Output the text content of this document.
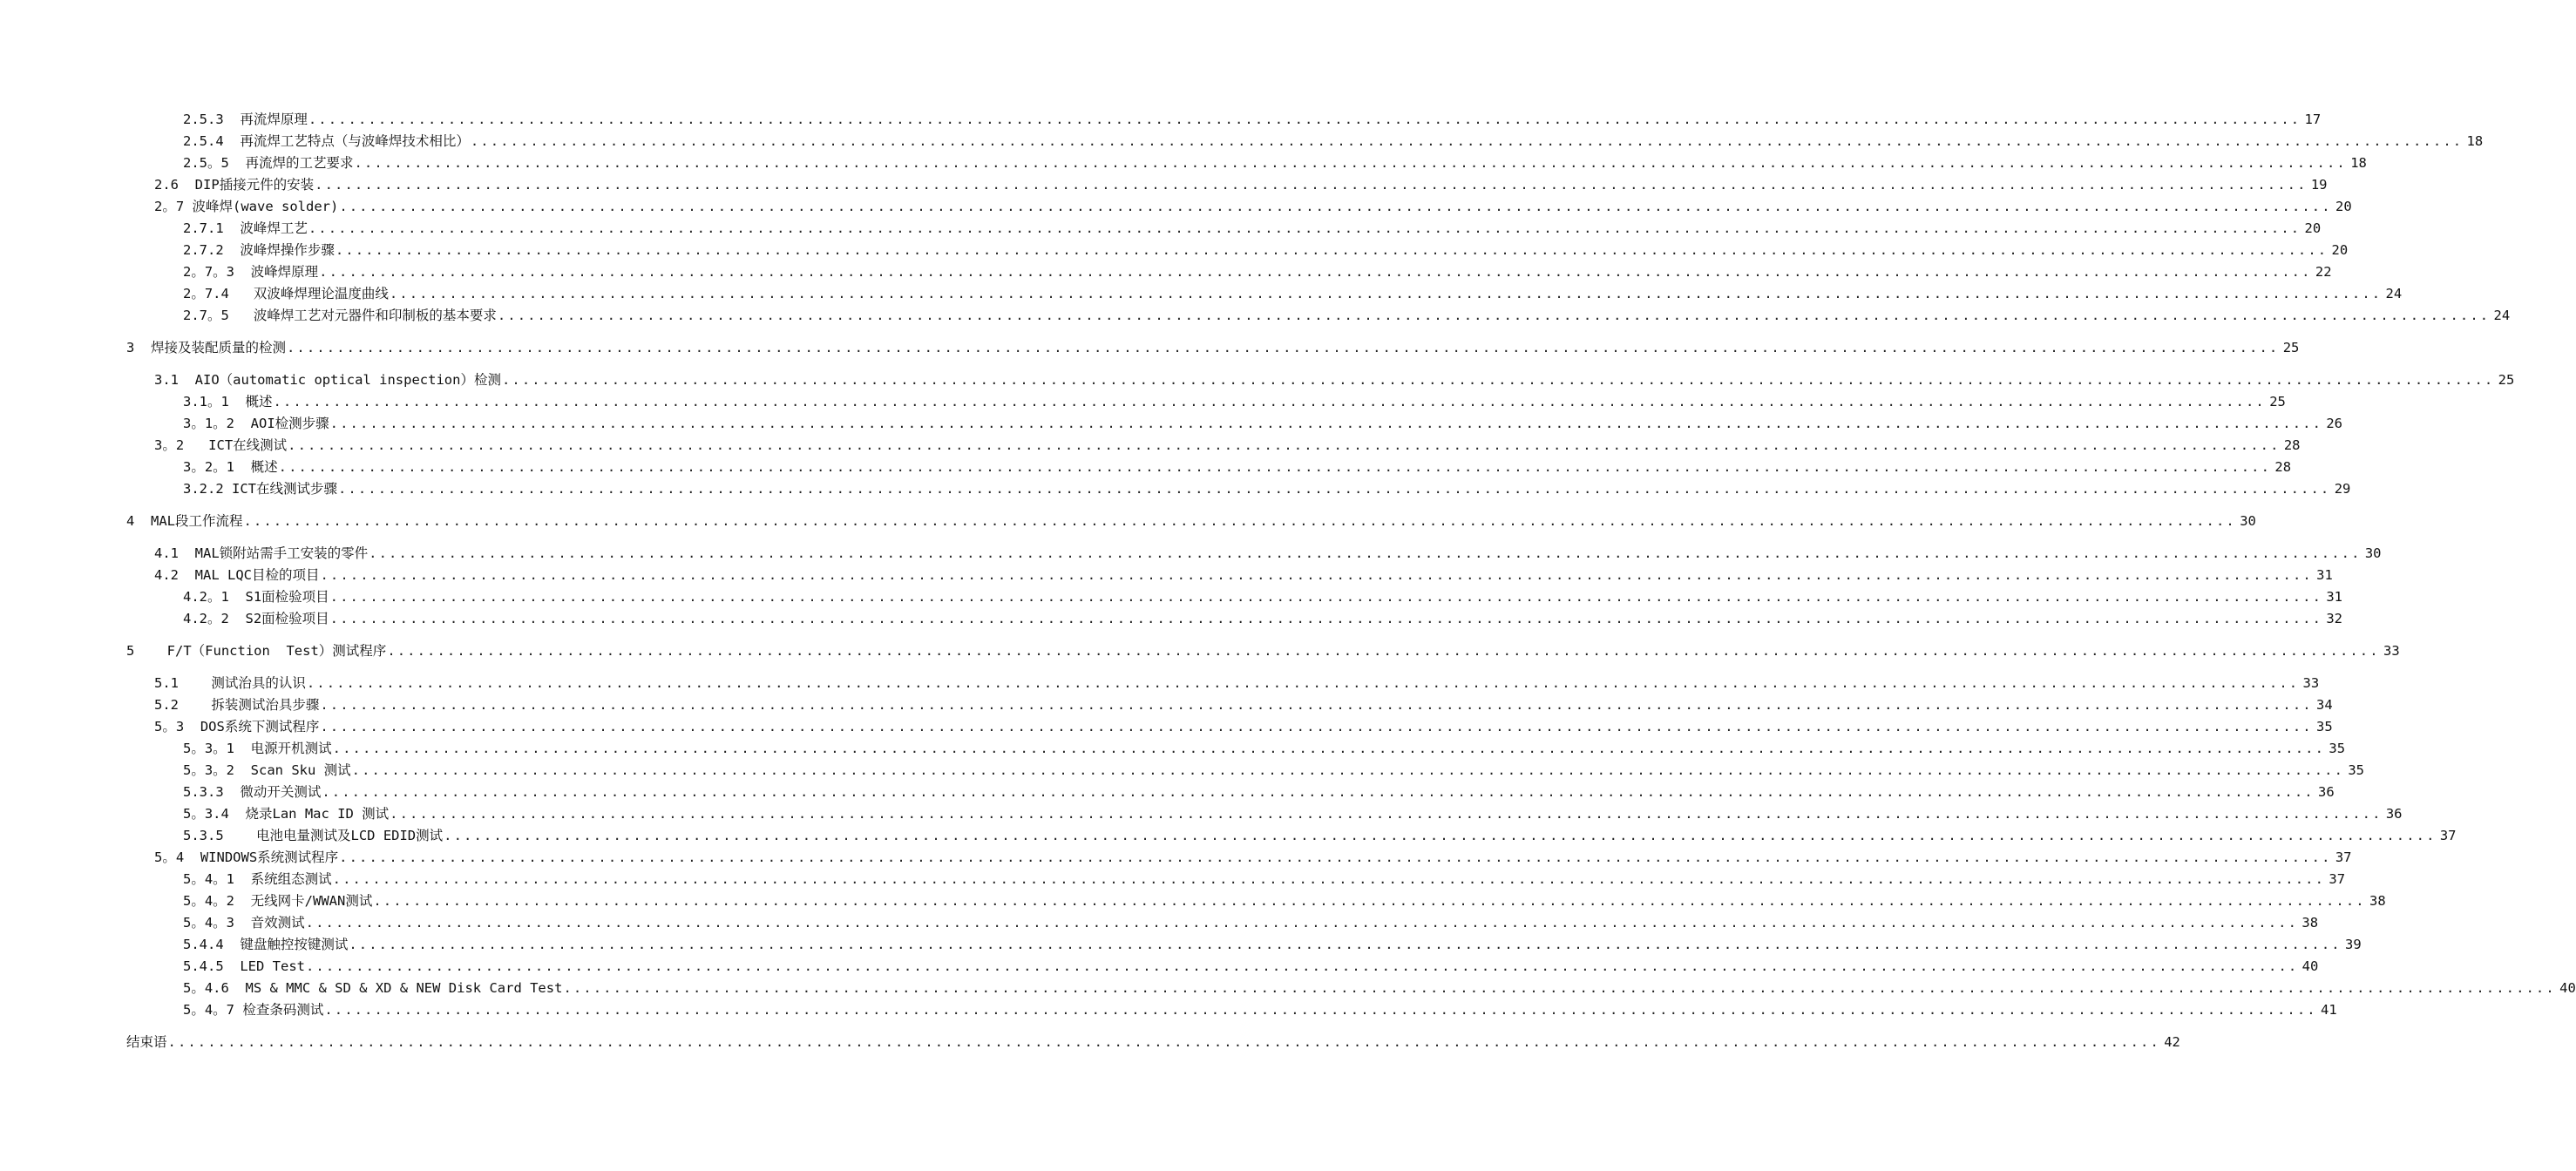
2.5.3  再流焊原理 ........................................................................................................................................................................................................ 17
2.5.4  再流焊工艺特点（与波峰焊技术相比） ........................................................................................................................................................................................................ 18
2.5。5  再流焊的工艺要求 ........................................................................................................................................................................................................ 18
2.6  DIP插接元件的安装 ........................................................................................................................................................................................................ 19
2。7 波峰焊(wave solder) ........................................................................................................................................................................................................ 20
2.7.1  波峰焊工艺 ........................................................................................................................................................................................................ 20
2.7.2  波峰焊操作步骤 ........................................................................................................................................................................................................ 20
2。7。3  波峰焊原理 ........................................................................................................................................................................................................ 22
2。7.4   双波峰焊理论温度曲线 ........................................................................................................................................................................................................ 24
2.7。5   波峰焊工艺对元器件和印制板的基本要求 ........................................................................................................................................................................................................ 24
3  焊接及装配质量的检测 ........................................................................................................................................................................................................ 25
3.1  AIO（automatic optical inspection）检测 ........................................................................................................................................................................................................ 25
3.1。1  概述 ........................................................................................................................................................................................................ 25
3。1。2  AOI检测步骤 ........................................................................................................................................................................................................ 26
3。2   ICT在线测试 ........................................................................................................................................................................................................ 28
3。2。1  概述 ........................................................................................................................................................................................................ 28
3.2.2 ICT在线测试步骤 ........................................................................................................................................................................................................ 29
4  MAL段工作流程 ........................................................................................................................................................................................................ 30
4.1  MAL锁附站需手工安装的零件 ........................................................................................................................................................................................................ 30
4.2  MAL LQC目检的项目 ........................................................................................................................................................................................................ 31
4.2。1  S1面检验项目 ........................................................................................................................................................................................................ 31
4.2。2  S2面检验项目 ........................................................................................................................................................................................................ 32
5    F/T（Function  Test）测试程序 ........................................................................................................................................................................................................ 33
5.1    测试治具的认识 ........................................................................................................................................................................................................ 33
5.2    拆装测试治具步骤 ........................................................................................................................................................................................................ 34
5。3  DOS系统下测试程序 ........................................................................................................................................................................................................ 35
5。3。1  电源开机测试 ........................................................................................................................................................................................................ 35
5。3。2  Scan Sku 测试 ........................................................................................................................................................................................................ 35
5.3.3  微动开关测试 ........................................................................................................................................................................................................ 36
5。3.4  烧录Lan Mac ID 测试 ........................................................................................................................................................................................................ 36
5.3.5    电池电量测试及LCD EDID测试 ........................................................................................................................................................................................................ 37
5。4  WINDOWS系统测试程序 ........................................................................................................................................................................................................ 37
5。4。1  系统组态测试 ........................................................................................................................................................................................................ 37
5。4。2  无线网卡/WWAN测试 ........................................................................................................................................................................................................ 38
5。4。3  音效测试 ........................................................................................................................................................................................................ 38
5.4.4  键盘触控按键测试 ........................................................................................................................................................................................................ 39
5.4.5  LED Test ........................................................................................................................................................................................................ 40
5。4.6  MS & MMC & SD & XD & NEW Disk Card Test ........................................................................................................................................................................................................ 40
5。4。7 检查条码测试 ........................................................................................................................................................................................................ 41
结束语 ........................................................................................................................................................................................................ 42
